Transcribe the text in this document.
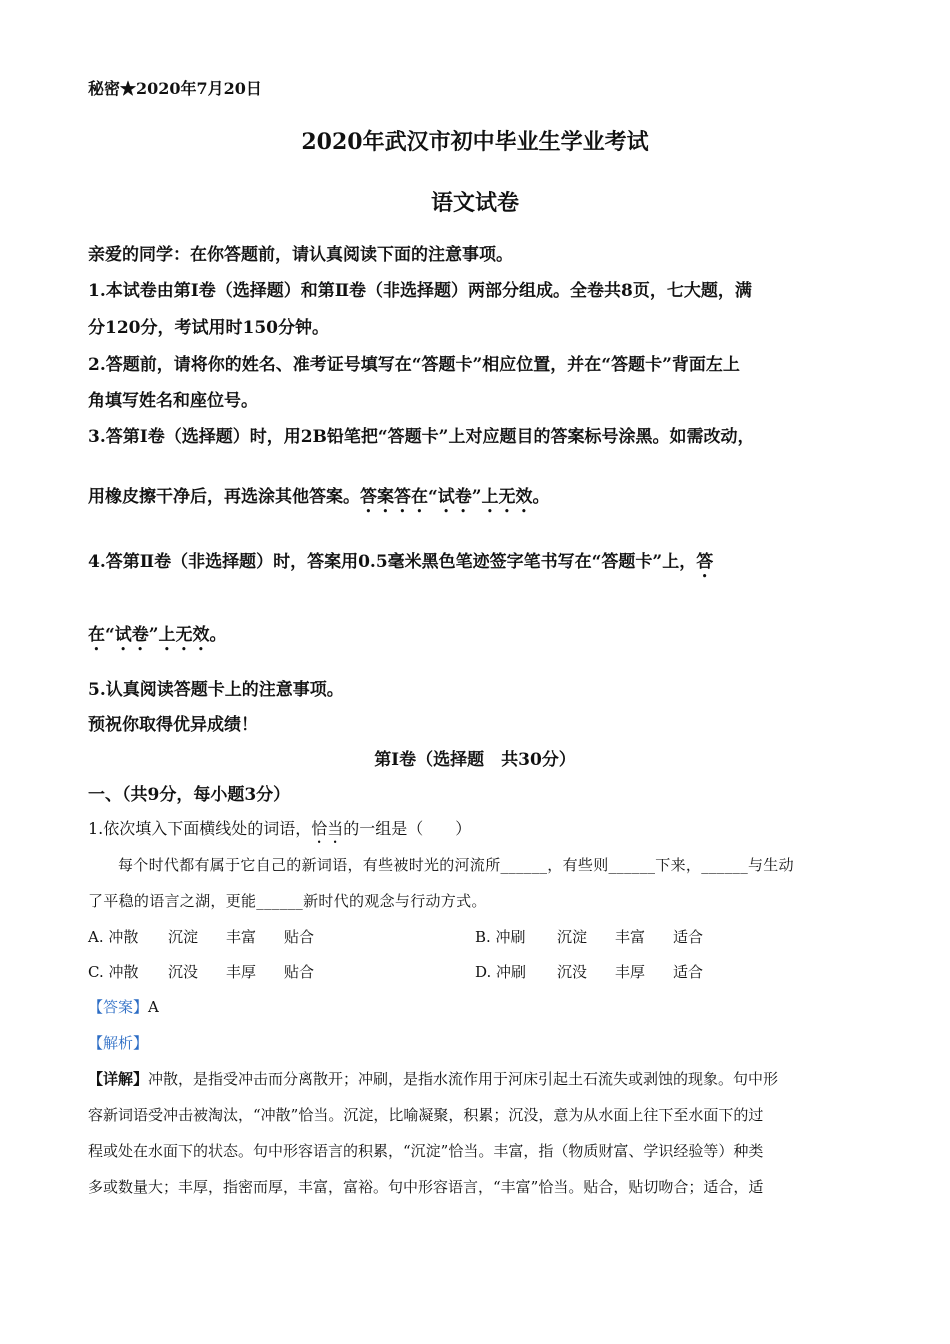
秘密★2020年7月20日
2020年武汉市初中毕业生学业考试
语文试卷
亲爱的同学：在你答题前，请认真阅读下面的注意事项。
1.本试卷由第Ⅰ卷（选择题）和第Ⅱ卷（非选择题）两部分组成。全卷共8页，七大题，满
分120分，考试用时150分钟。
2.答题前，请将你的姓名、准考证号填写在“答题卡”相应位置，并在“答题卡”背面左上
角填写姓名和座位号。
3.答第Ⅰ卷（选择题）时，用2B铅笔把“答题卡”上对应题目的答案标号涂黑。如需改动，
用橡皮擦干净后，再选涂其他答案。答案答在“试卷”上无效。
4.答第Ⅱ卷（非选择题）时，答案用0.5毫米黑色笔迹签字笔书写在“答题卡”上，答
在“试卷”上无效。
5.认真阅读答题卡上的注意事项。
预祝你取得优异成绩！
第Ⅰ卷（选择题　共30分）
一、（共9分，每小题3分）
1.依次填入下面横线处的词语，恰当的一组是（　　）
每个时代都有属于它自己的新词语，有些被时光的河流所______，有些则______下来，______与生动
了平稳的语言之湖，更能______新时代的观念与行动方式。
A. 冲散 沉淀 丰富 贴合	B. 冲刷 沉淀 丰富 适合
C. 冲散 沉没 丰厚 贴合	D. 冲刷 沉没 丰厚 适合
【答案】A
【解析】
【详解】冲散，是指受冲击而分离散开；冲刷，是指水流作用于河床引起土石流失或剥蚀的现象。句中形
容新词语受冲击被淘汰，“冲散”恰当。沉淀，比喻凝聚，积累；沉没，意为从水面上往下至水面下的过
程或处在水面下的状态。句中形容语言的积累，“沉淀”恰当。丰富，指（物质财富、学识经验等）种类
多或数量大；丰厚，指密而厚，丰富，富裕。句中形容语言，“丰富”恰当。贴合，贴切吻合；适合，适
